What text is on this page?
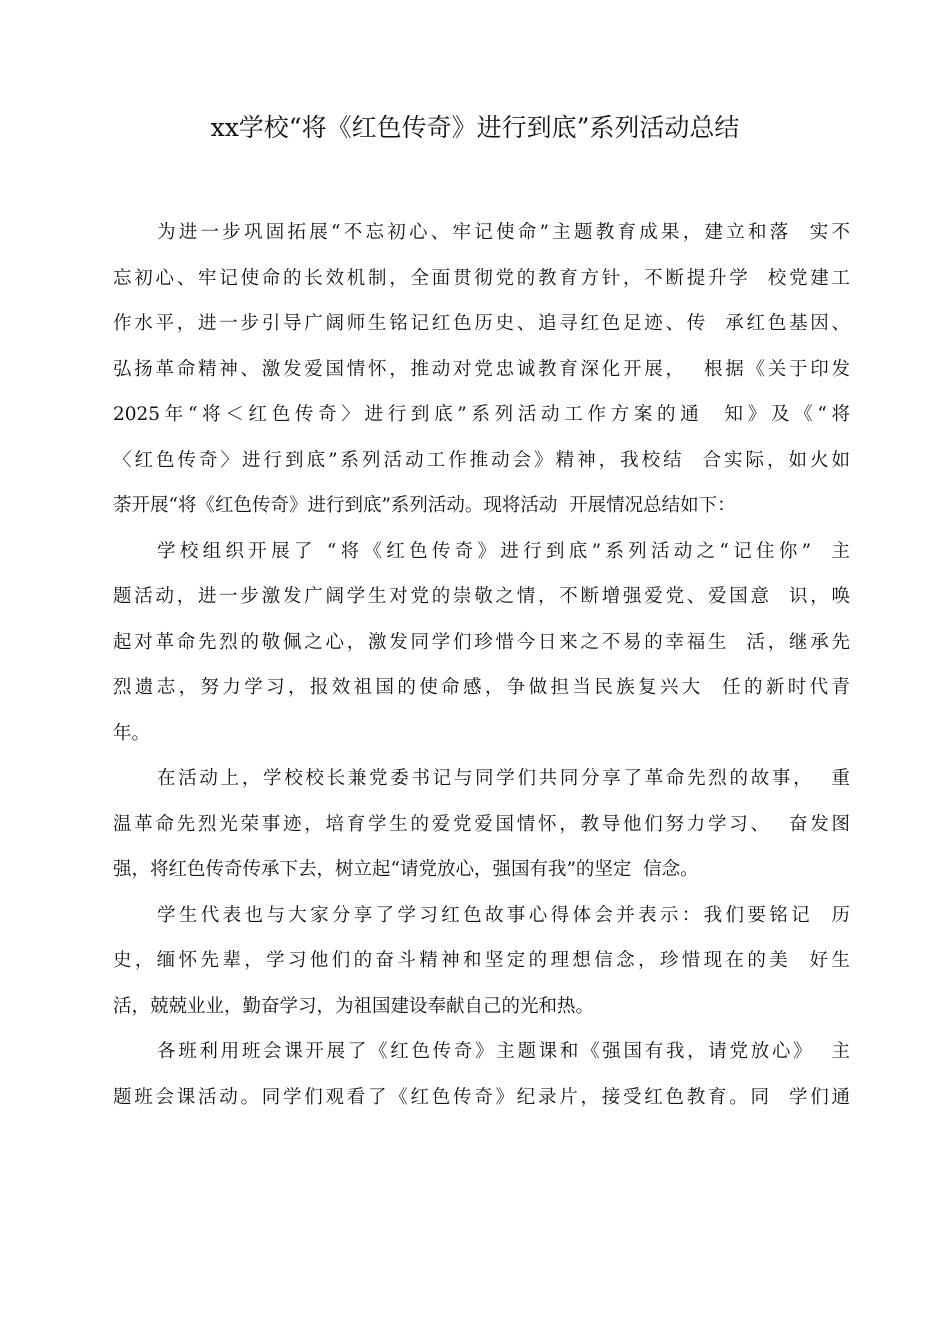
xx学校“将《红色传奇》进行到底”系列活动总结
为进一步巩固拓展“不忘初心、牢记使命”主题教育成果，建立和落  实不
忘初心、牢记使命的长效机制，全面贯彻党的教育方针，不断提升学  校党建工
作水平，进一步引导广阔师生铭记红色历史、追寻红色足迹、传  承红色基因、
弘扬革命精神、激发爱国情怀，推动对党忠诚教育深化开展，  根据《关于印发
2025年“将＜红色传奇〉进行到底”系列活动工作方案的通  知》及《“将
〈红色传奇〉进行到底”系列活动工作推动会》精神，我校结  合实际，如火如
荼开展“将《红色传奇》进行到底”系列活动。现将活动  开展情况总结如下：
学校组织开展了 “将《红色传奇》进行到底”系列活动之“记住你”  主
题活动，进一步激发广阔学生对党的崇敬之情，不断增强爱党、爱国意  识，唤
起对革命先烈的敬佩之心，激发同学们珍惜今日来之不易的幸福生  活，继承先
烈遗志，努力学习，报效祖国的使命感，争做担当民族复兴大  任的新时代青
年。
在活动上，学校校长兼党委书记与同学们共同分享了革命先烈的故事，  重
温革命先烈光荣事迹，培育学生的爱党爱国情怀，教导他们努力学习、  奋发图
强，将红色传奇传承下去，树立起“请党放心，强国有我”的坚定  信念。
学生代表也与大家分享了学习红色故事心得体会并表示：我们要铭记  历
史，缅怀先辈，学习他们的奋斗精神和坚定的理想信念，珍惜现在的美  好生
活，兢兢业业，勤奋学习，为祖国建设奉献自己的光和热。
各班利用班会课开展了《红色传奇》主题课和《强国有我，请党放心》  主
题班会课活动。同学们观看了《红色传奇》纪录片，接受红色教育。同  学们通
